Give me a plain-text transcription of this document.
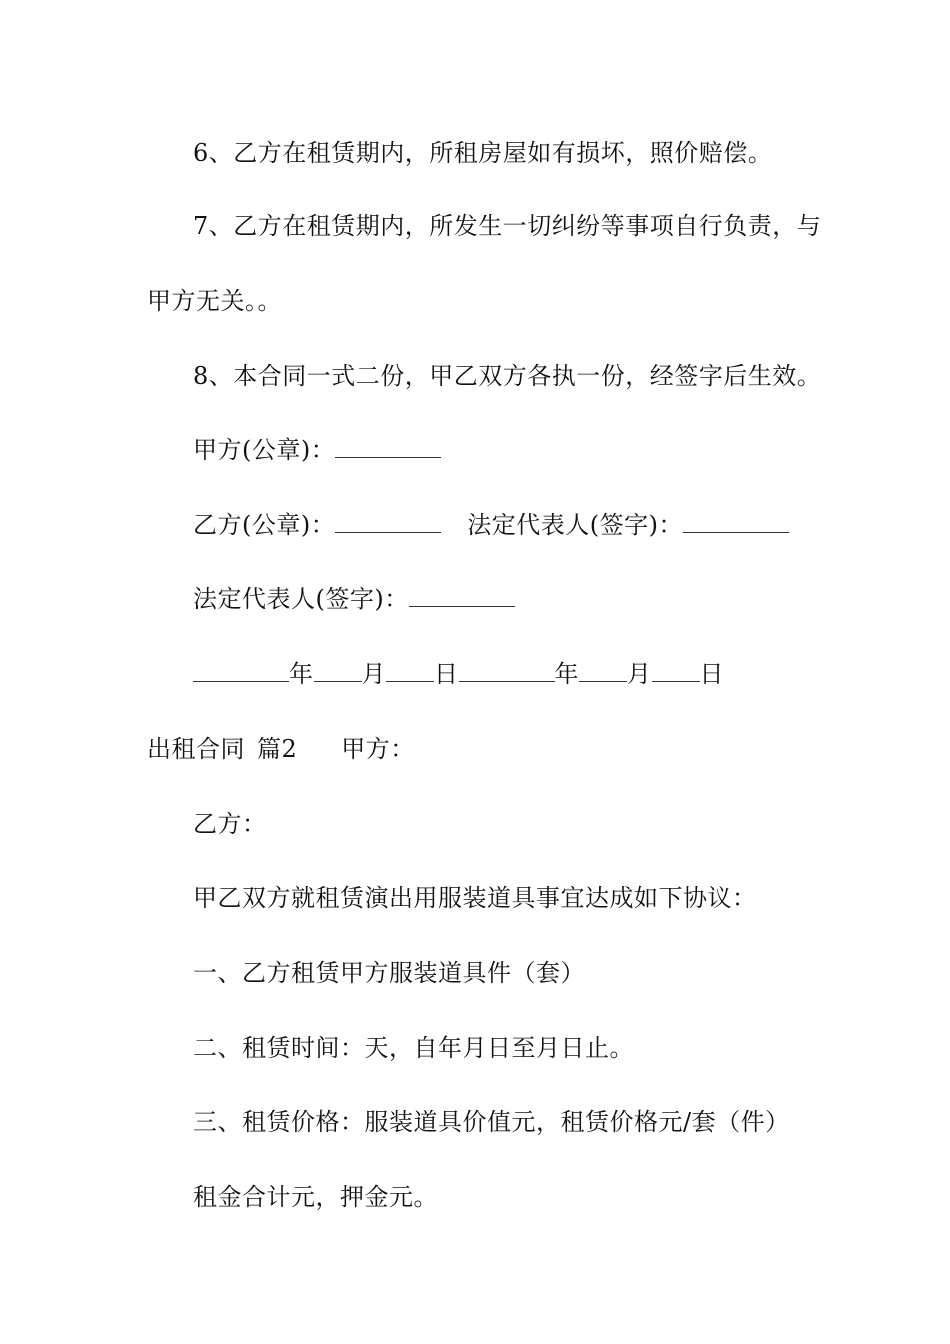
6、乙方在租赁期内，所租房屋如有损坏，照价赔偿。

7、乙方在租赁期内，所发生一切纠纷等事项自行负责，与

甲方无关。。

8、本合同一式二份，甲乙双方各执一份，经签字后生效。

甲方(公章)：
乙方(公章)：	法定代表人(签字)：
法定代表人(签字)：
年 月 日	年 月 日
出租合同 篇2 甲方：

乙方：

甲乙双方就租赁演出用服装道具事宜达成如下协议：

一、乙方租赁甲方服装道具件（套）

二、租赁时间：天，自年月日至月日止。

三、租赁价格：服装道具价值元，租赁价格元/套（件）

租金合计元，押金元。
